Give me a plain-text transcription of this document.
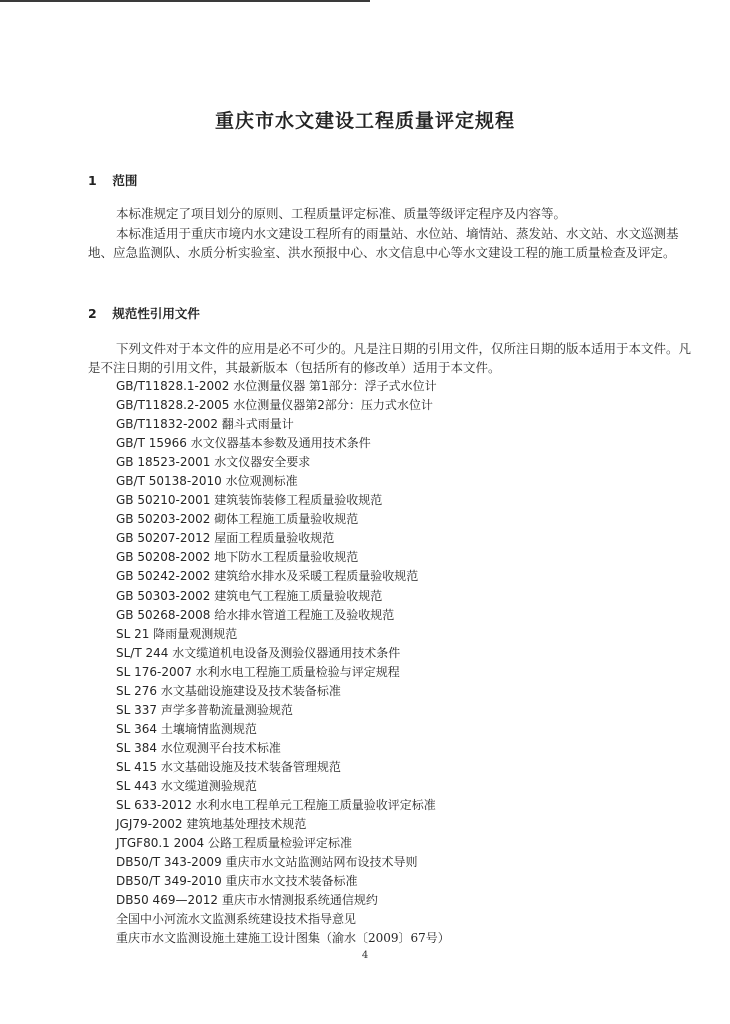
重庆市水文建设工程质量评定规程
1 范围
本标准规定了项目划分的原则、工程质量评定标准、质量等级评定程序及内容等。
本标准适用于重庆市境内水文建设工程所有的雨量站、水位站、墒情站、蒸发站、水文站、水文巡测基地、应急监测队、水质分析实验室、洪水预报中心、水文信息中心等水文建设工程的施工质量检查及评定。
2 规范性引用文件
下列文件对于本文件的应用是必不可少的。凡是注日期的引用文件，仅所注日期的版本适用于本文件。凡是不注日期的引用文件，其最新版本（包括所有的修改单）适用于本文件。
GB/T11828.1-2002 水位测量仪器 第1部分：浮子式水位计
GB/T11828.2-2005 水位测量仪器第2部分：压力式水位计
GB/T11832-2002 翻斗式雨量计
GB/T 15966 水文仪器基本参数及通用技术条件
GB 18523-2001 水文仪器安全要求
GB/T 50138-2010 水位观测标准
GB 50210-2001 建筑装饰装修工程质量验收规范
GB 50203-2002 砌体工程施工质量验收规范
GB 50207-2012 屋面工程质量验收规范
GB 50208-2002 地下防水工程质量验收规范
GB 50242-2002 建筑给水排水及采暖工程质量验收规范
GB 50303-2002 建筑电气工程施工质量验收规范
GB 50268-2008 给水排水管道工程施工及验收规范
SL 21 降雨量观测规范
SL/T 244 水文缆道机电设备及测验仪器通用技术条件
SL 176-2007 水利水电工程施工质量检验与评定规程
SL 276 水文基础设施建设及技术装备标准
SL 337 声学多普勒流量测验规范
SL 364 土壤墒情监测规范
SL 384 水位观测平台技术标准
SL 415 水文基础设施及技术装备管理规范
SL 443 水文缆道测验规范
SL 633-2012 水利水电工程单元工程施工质量验收评定标准
JGJ79-2002 建筑地基处理技术规范
JTGF80.1 2004 公路工程质量检验评定标准
DB50/T 343-2009 重庆市水文站监测站网布设技术导则
DB50/T 349-2010 重庆市水文技术装备标准
DB50 469—2012 重庆市水情测报系统通信规约
全国中小河流水文监测系统建设技术指导意见
重庆市水文监测设施土建施工设计图集（渝水〔2009〕67号）
4
